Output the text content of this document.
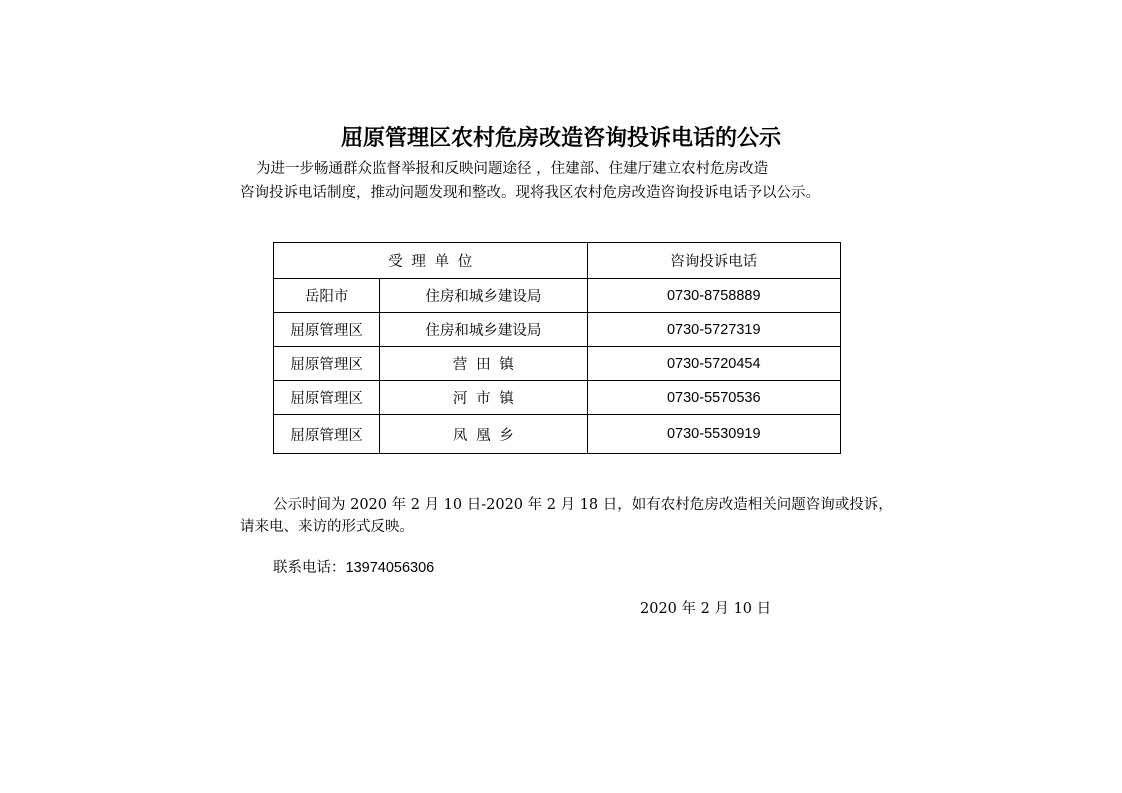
屈原管理区农村危房改造咨询投诉电话的公示
为进一步畅通群众监督举报和反映问题途径 ，住建部、住建厅建立农村危房改造
咨询投诉电话制度，推动问题发现和整改。现将我区农村危房改造咨询投诉电话予以公示。
受理单位		咨询投诉电话
岳阳市	住房和城乡建设局	0730-8758889
屈原管理区	住房和城乡建设局	0730-5727319
屈原管理区	营田镇	0730-5720454
屈原管理区	河市镇	0730-5570536
屈原管理区	凤凰乡	0730-5530919
公示时间为 2020 年 2 月 10 日-2020 年 2 月 18 日，如有农村危房改造相关问题咨询或投诉，
请来电、来访的形式反映。
联系电话：13974056306
2020 年 2 月 10 日
